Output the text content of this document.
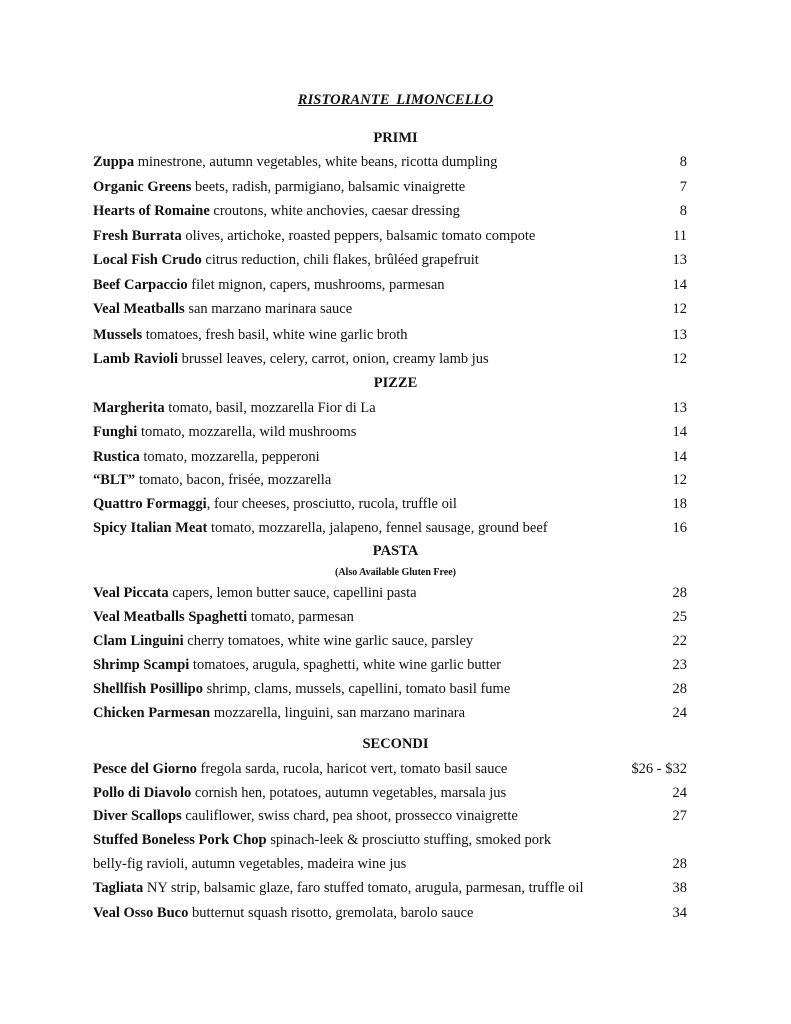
RISTORANTE LIMONCELLO
PRIMI
Zuppa minestrone, autumn vegetables, white beans, ricotta dumpling	8
Organic Greens beets, radish, parmigiano, balsamic vinaigrette	7
Hearts of Romaine croutons, white anchovies, caesar dressing	8
Fresh Burrata olives, artichoke, roasted peppers, balsamic tomato compote	11
Local Fish Crudo citrus reduction, chili flakes, brûléed grapefruit	13
Beef Carpaccio filet mignon, capers, mushrooms, parmesan	14
Veal Meatballs san marzano marinara sauce	12
Mussels tomatoes, fresh basil, white wine garlic broth	13
Lamb Ravioli brussel leaves, celery, carrot, onion, creamy lamb jus	12
PIZZE
Margherita tomato, basil, mozzarella Fior di La	13
Funghi tomato, mozzarella, wild mushrooms	14
Rustica tomato, mozzarella, pepperoni	14
“BLT” tomato, bacon, frisée, mozzarella	12
Quattro Formaggi, four cheeses, prosciutto, rucola, truffle oil	18
Spicy Italian Meat tomato, mozzarella, jalapeno, fennel sausage, ground beef	16
PASTA
(Also Available Gluten Free)
Veal Piccata capers, lemon butter sauce, capellini pasta	28
Veal Meatballs Spaghetti tomato, parmesan	25
Clam Linguini cherry tomatoes, white wine garlic sauce, parsley	22
Shrimp Scampi tomatoes, arugula, spaghetti, white wine garlic butter	23
Shellfish Posillipo shrimp, clams, mussels, capellini, tomato basil fume	28
Chicken Parmesan mozzarella, linguini, san marzano marinara	24
SECONDI
Pesce del Giorno fregola sarda, rucola, haricot vert, tomato basil sauce	$26 - $32
Pollo di Diavolo cornish hen, potatoes, autumn vegetables, marsala jus	24
Diver Scallops cauliflower, swiss chard, pea shoot, prossecco vinaigrette	27
Stuffed Boneless Pork Chop spinach-leek & prosciutto stuffing, smoked pork
belly-fig ravioli, autumn vegetables, madeira wine jus	28
Tagliata NY strip, balsamic glaze, faro stuffed tomato, arugula, parmesan, truffle oil	38
Veal Osso Buco butternut squash risotto, gremolata, barolo sauce	34
